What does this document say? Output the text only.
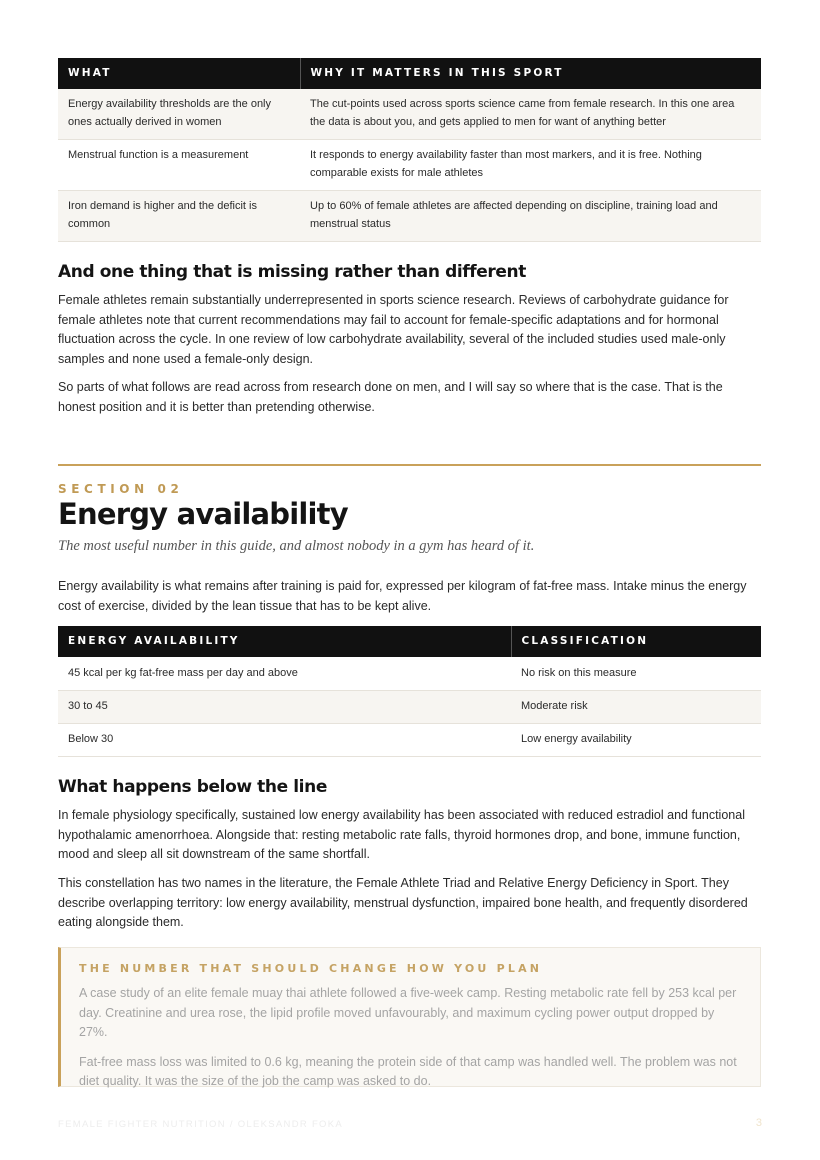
WHAT	WHY IT MATTERS IN THIS SPORT
Energy availability thresholds are the only ones actually derived in women	The cut-points used across sports science came from female research. In this one area the data is about you, and gets applied to men for want of anything better
Menstrual function is a measurement	It responds to energy availability faster than most markers, and it is free. Nothing comparable exists for male athletes
Iron demand is higher and the deficit is common	Up to 60% of female athletes are affected depending on discipline, training load and menstrual status
And one thing that is missing rather than different

Female athletes remain substantially underrepresented in sports science research. Reviews of carbohydrate guidance for female athletes note that current recommendations may fail to account for female-specific adaptations and for hormonal fluctuation across the cycle. In one review of low carbohydrate availability, several of the included studies used male-only samples and none used a female-only design.

So parts of what follows are read across from research done on men, and I will say so where that is the case. That is the honest position and it is better than pretending otherwise.

SECTION 02
Energy availability
The most useful number in this guide, and almost nobody in a gym has heard of it.

Energy availability is what remains after training is paid for, expressed per kilogram of fat-free mass. Intake minus the energy cost of exercise, divided by the lean tissue that has to be kept alive.

ENERGY AVAILABILITY	CLASSIFICATION
45 kcal per kg fat-free mass per day and above	No risk on this measure
30 to 45	Moderate risk
Below 30	Low energy availability
What happens below the line

In female physiology specifically, sustained low energy availability has been associated with reduced estradiol and functional hypothalamic amenorrhoea. Alongside that: resting metabolic rate falls, thyroid hormones drop, and bone, immune function, mood and sleep all sit downstream of the same shortfall.

This constellation has two names in the literature, the Female Athlete Triad and Relative Energy Deficiency in Sport. They describe overlapping territory: low energy availability, menstrual dysfunction, impaired bone health, and frequently disordered eating alongside them.

THE NUMBER THAT SHOULD CHANGE HOW YOU PLAN

A case study of an elite female muay thai athlete followed a five-week camp. Resting metabolic rate fell by 253 kcal per day. Creatinine and urea rose, the lipid profile moved unfavourably, and maximum cycling power output dropped by 27%.

Fat-free mass loss was limited to 0.6 kg, meaning the protein side of that camp was handled well. The problem was not diet quality. It was the size of the job the camp was asked to do.

FEMALE FIGHTER NUTRITION / OLEKSANDR FOKA	3
